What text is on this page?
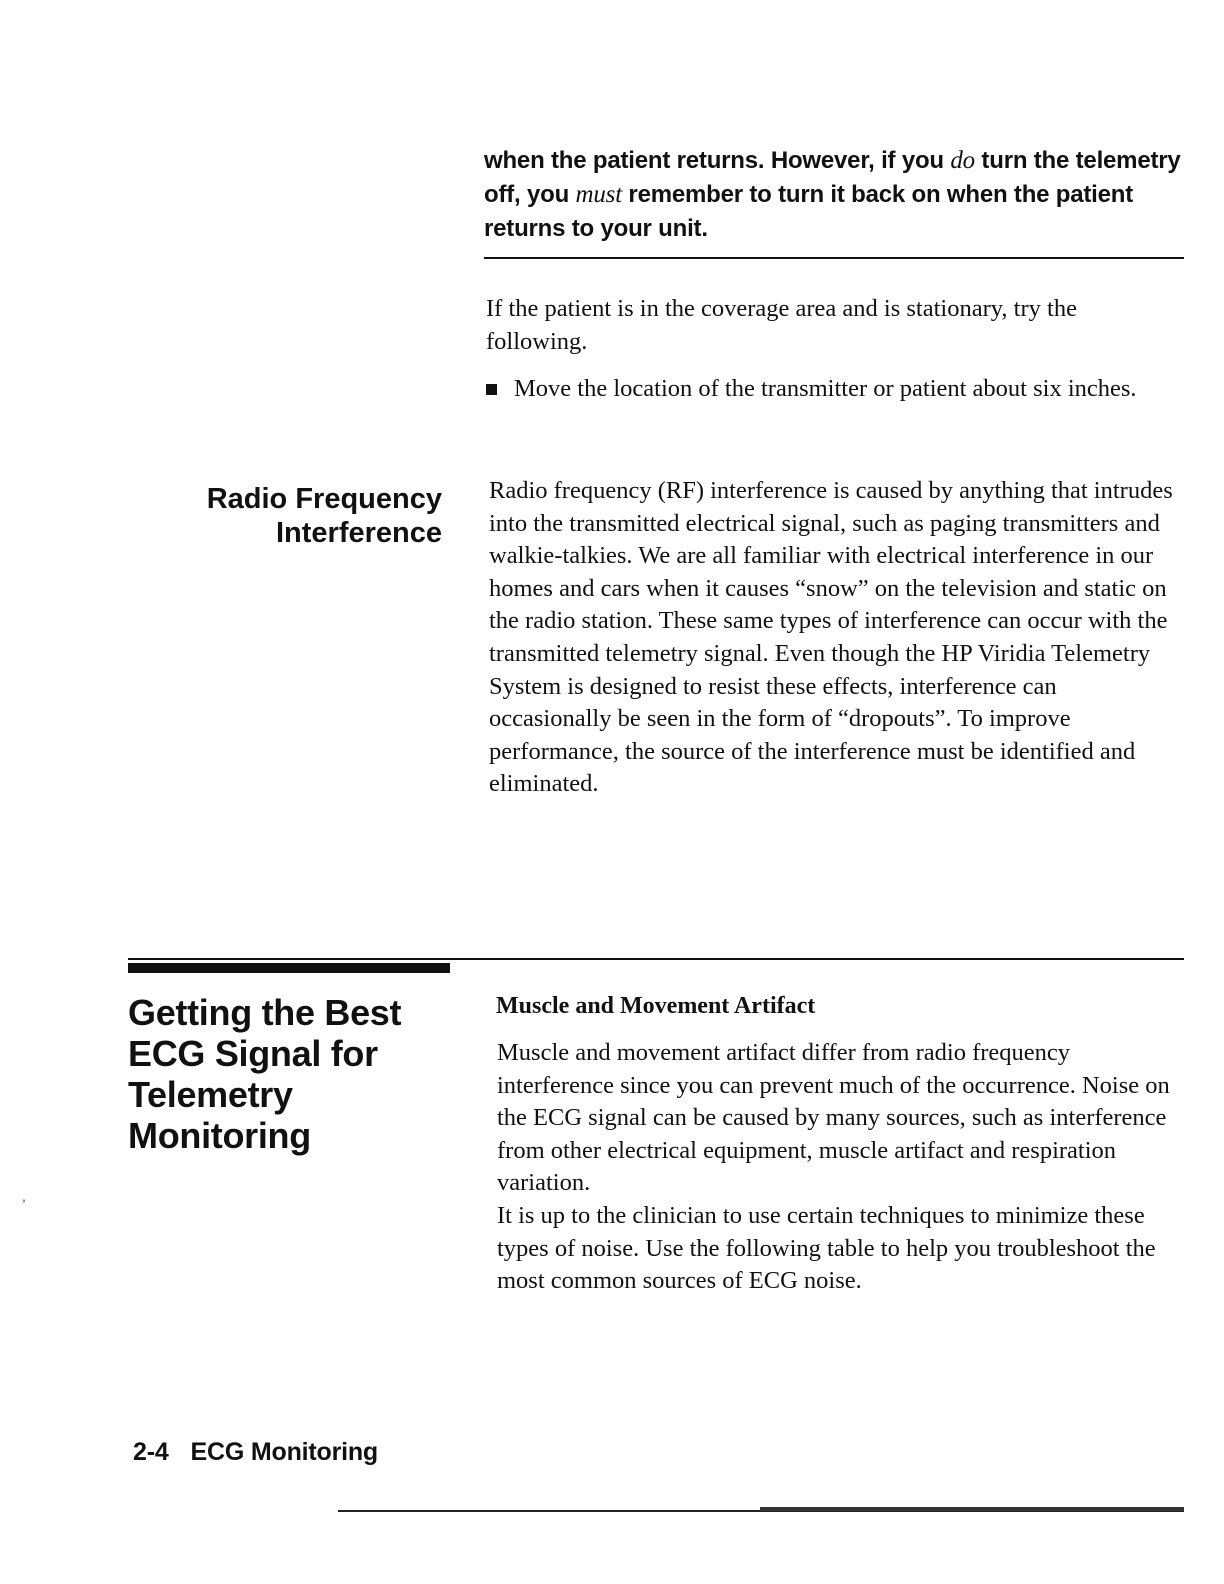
when the patient returns. However, if you do turn the telemetry off, you must remember to turn it back on when the patient returns to your unit.
If the patient is in the coverage area and is stationary, try the following.
Move the location of the transmitter or patient about six inches.
Radio Frequency
Interference
Radio frequency (RF) interference is caused by anything that intrudes into the transmitted electrical signal, such as paging transmitters and walkie-talkies. We are all familiar with electrical interference in our homes and cars when it causes “snow” on the television and static on the radio station. These same types of interference can occur with the transmitted telemetry signal. Even though the HP Viridia Telemetry System is designed to resist these effects, interference can occasionally be seen in the form of “dropouts”. To improve performance, the source of the interference must be identified and eliminated.
Getting the Best
ECG Signal for
Telemetry
Monitoring
Muscle and Movement Artifact
Muscle and movement artifact differ from radio frequency interference since you can prevent much of the occurrence. Noise on the ECG signal can be caused by many sources, such as interference from other electrical equipment, muscle artifact and respiration variation.
It is up to the clinician to use certain techniques to minimize these types of noise. Use the following table to help you troubleshoot the most common sources of ECG noise.
2-4 ECG Monitoring
,
